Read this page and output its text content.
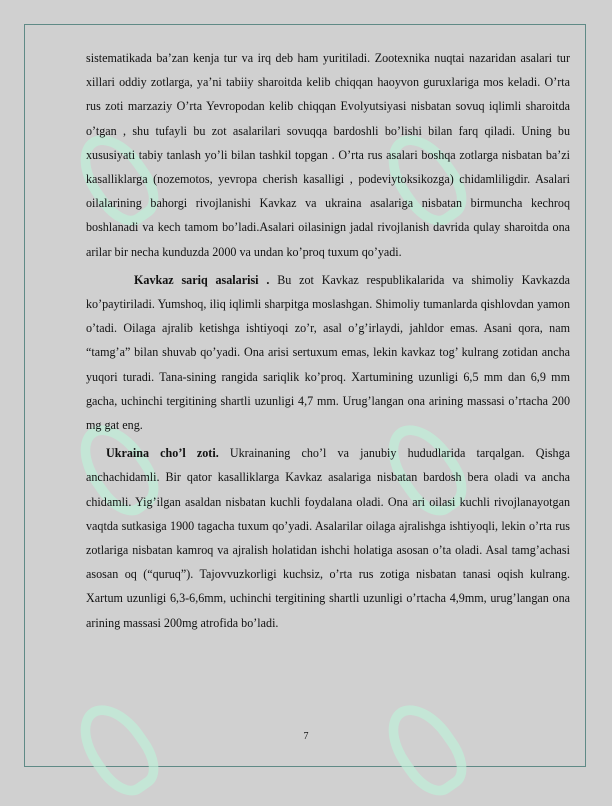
sistematikada ba’zan kenja tur va irq deb ham yuritiladi. Zootexnika nuqtai nazaridan asalari tur xillari oddiy zotlarga, ya’ni tabiiy sharoitda kelib chiqqan haoyvon guruxlariga mos keladi. O’rta rus zoti marzaziy O’rta Yevropodan kelib chiqqan Evolyutsiyasi nisbatan sovuq iqlimli sharoitda o’tgan , shu tufayli bu zot asalarilari sovuqqa bardoshli bo’lishi bilan farq qiladi. Uning bu xususiyati tabiy tanlash yo’li bilan tashkil topgan . O’rta rus asalari boshqa zotlarga nisbatan ba’zi kasalliklarga (nozemotos, yevropa cherish kasalligi , podeviytoksikozga) chidamliligdir. Asalari oilalarining bahorgi rivojlanishi Kavkaz va ukraina asalariga nisbatan birmuncha kechroq boshlanadi va kech tamom bo’ladi.Asalari oilasinign jadal rivojlanish davrida qulay sharoitda ona arilar bir necha kunduzda 2000 va undan ko’proq tuxum qo’yadi.

Kavkaz sariq asalarisi . Bu zot Kavkaz respublikalarida va shimoliy Kavkazda ko’paytiriladi. Yumshoq, iliq iqlimli sharpitga moslashgan. Shimoliy tumanlarda qishlovdan yamon o’tadi. Oilaga ajralib ketishga ishtiyoqi zo’r, asal o’g’irlaydi, jahldor emas. Asani qora, nam “tamg’a” bilan shuvab qo’yadi. Ona arisi sertuxum emas, lekin kavkaz tog’ kulrang zotidan ancha yuqori turadi. Tana-sining rangida sariqlik ko’proq. Xartumining uzunligi 6,5 mm dan 6,9 mm gacha, uchinchi tergitining shartli uzunligi 4,7 mm. Urug’langan ona arining massasi o’rtacha 200 mg gat eng.

Ukraina cho’l zoti. Ukrainaning cho’l va janubiy hududlarida tarqalgan. Qishga anchachidamli. Bir qator kasalliklarga Kavkaz asalariga nisbatan bardosh bera oladi va ancha chidamli. Yig’ilgan asaldan nisbatan kuchli foydalana oladi. Ona ari oilasi kuchli rivojlanayotgan vaqtda sutkasiga 1900 tagacha tuxum qo’yadi. Asalarilar oilaga ajralishga ishtiyoqli, lekin o’rta rus zotlariga nisbatan kamroq va ajralish holatidan ishchi holatiga asosan o’ta oladi. Asal tamg’achasi asosan oq (“quruq”). Tajovvuzkorligi kuchsiz, o’rta rus zotiga nisbatan tanasi oqish kulrang. Xartum uzunligi 6,3-6,6mm, uchinchi tergitining shartli uzunligi o’rtacha 4,9mm, urug’langan ona arining massasi 200mg atrofida bo’ladi.

7
